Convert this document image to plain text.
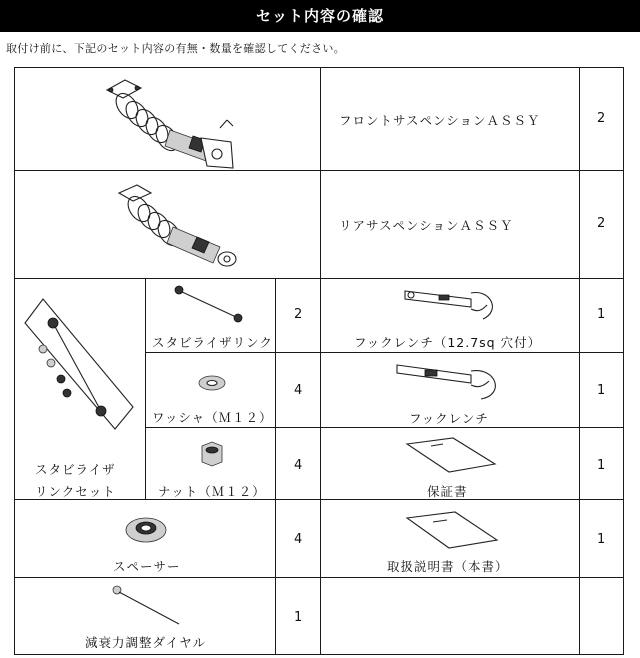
セット内容の確認
取付け前に、下記のセット内容の有無・数量を確認してください。
フロントサスペンションＡＳＳＹ	2
リアサスペンションＡＳＳＹ	2
スタビライザ
リンクセット
スタビライザリンク
2
フックレンチ（12.7sq 穴付）
1
ワッシャ（Ｍ１２）
4
フックレンチ
1
ナット（Ｍ１２）
4
保証書
1
スペーサー
4
取扱説明書（本書）
1
減衰力調整ダイヤル
1
